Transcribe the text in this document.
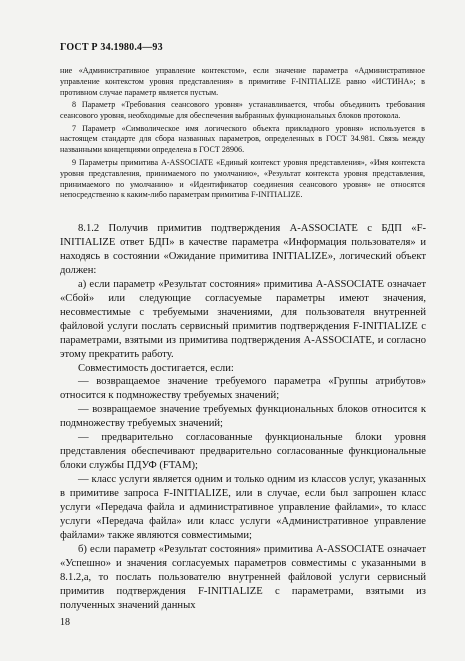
ГОСТ Р 34.1980.4—93

ние «Административное управление контекстом», если значение параметра «Административное управление контекстом уровня представления» в примитиве F-INITIALIZE равно «ИСТИНА»; в противном случае параметр является пустым.

8 Параметр «Требования сеансового уровня» устанавливается, чтобы объединить требования сеансового уровня, необходимые для обеспечения выбранных функциональных блоков протокола.

7 Параметр «Символическое имя логического объекта прикладного уровня» используется в настоящем стандарте для сбора названных параметров, определенных в ГОСТ 34.981. Связь между названными концепциями определена в ГОСТ 28906.

9 Параметры примитива A-ASSOCIATE «Единый контекст уровня представления», «Имя контекста уровня представления, принимаемого по умолчанию», «Результат контекста уровня представления, принимаемого по умолчанию» и «Идентификатор соединения сеансового уровня» не относятся непосредственно к каким-либо параметрам примитива F-INITIALIZE.

8.1.2 Получив примитив подтверждения A-ASSOCIATE с БДП «F-INITIALIZE ответ БДП» в качестве параметра «Информация пользователя» и находясь в состоянии «Ожидание примитива INITIALIZE», логический объект должен:

а) если параметр «Результат состояния» примитива A-ASSOCIATE означает «Сбой» или следующие согласуемые параметры имеют значения, несовместимые с требуемыми значениями, для пользователя внутренней файловой услуги послать сервисный примитив подтверждения F-INITIALIZE с параметрами, взятыми из примитива подтверждения A-ASSOCIATE, и согласно этому прекратить работу.

Совместимость достигается, если:

— возвращаемое значение требуемого параметра «Группы атрибутов» относится к подмножеству требуемых значений;

— возвращаемое значение требуемых функциональных блоков относится к подмножеству требуемых значений;

— предварительно согласованные функциональные блоки уровня представления обеспечивают предварительно согласованные функциональные блоки службы ПДУФ (FTAM);

— класс услуги является одним и только одним из классов услуг, указанных в примитиве запроса F-INITIALIZE, или в случае, если был запрошен класс услуги «Передача файла и административное управление файлами», то класс услуги «Передача файла» или класс услуги «Административное управление файлами» также являются совместимыми;

б) если параметр «Результат состояния» примитива A-ASSOCIATE означает «Успешно» и значения согласуемых параметров совместимы с указанными в 8.1.2,а, то послать пользователю внутренней файловой услуги сервисный примитив подтверждения F-INITIALIZE с параметрами, взятыми из полученных значений данных

18
